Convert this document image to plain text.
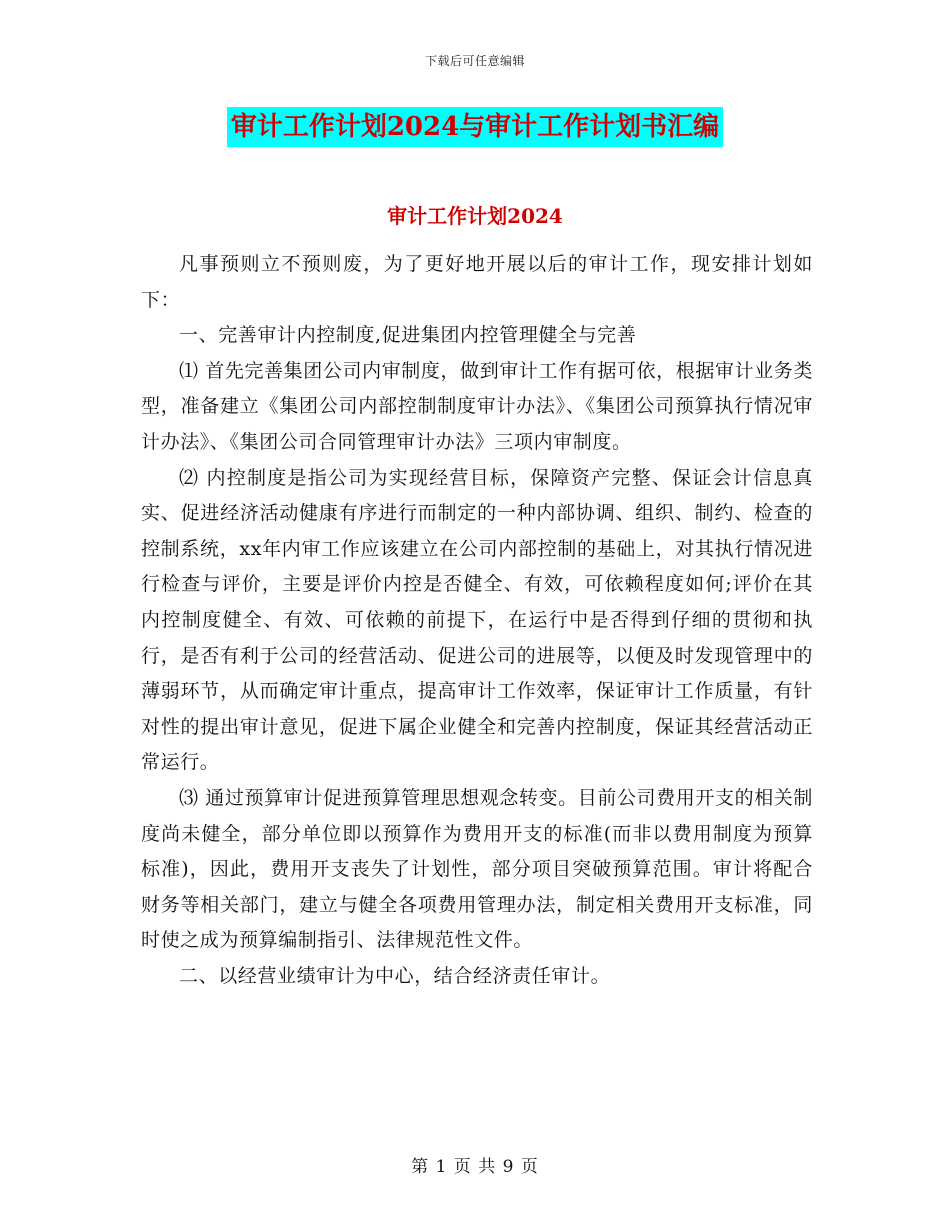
下载后可任意编辑
审计工作计划2024与审计工作计划书汇编
审计工作计划2024

凡事预则立不预则废，为了更好地开展以后的审计工作，现安排计划如下：

一、完善审计内控制度,促进集团内控管理健全与完善

⑴ 首先完善集团公司内审制度，做到审计工作有据可依，根据审计业务类型，准备建立《集团公司内部控制制度审计办法》、《集团公司预算执行情况审计办法》、《集团公司合同管理审计办法》三项内审制度。

⑵ 内控制度是指公司为实现经营目标，保障资产完整、保证会计信息真实、促进经济活动健康有序进行而制定的一种内部协调、组织、制约、检查的控制系统，xx年内审工作应该建立在公司内部控制的基础上，对其执行情况进行检查与评价，主要是评价内控是否健全、有效，可依赖程度如何;评价在其内控制度健全、有效、可依赖的前提下，在运行中是否得到仔细的贯彻和执行，是否有利于公司的经营活动、促进公司的进展等，以便及时发现管理中的薄弱环节，从而确定审计重点，提高审计工作效率，保证审计工作质量，有针对性的提出审计意见，促进下属企业健全和完善内控制度，保证其经营活动正常运行。

⑶ 通过预算审计促进预算管理思想观念转变。目前公司费用开支的相关制度尚未健全，部分单位即以预算作为费用开支的标准(而非以费用制度为预算标准)，因此，费用开支丧失了计划性，部分项目突破预算范围。审计将配合财务等相关部门，建立与健全各项费用管理办法，制定相关费用开支标准，同时使之成为预算编制指引、法律规范性文件。

二、以经营业绩审计为中心，结合经济责任审计。

第 1 页 共 9 页
